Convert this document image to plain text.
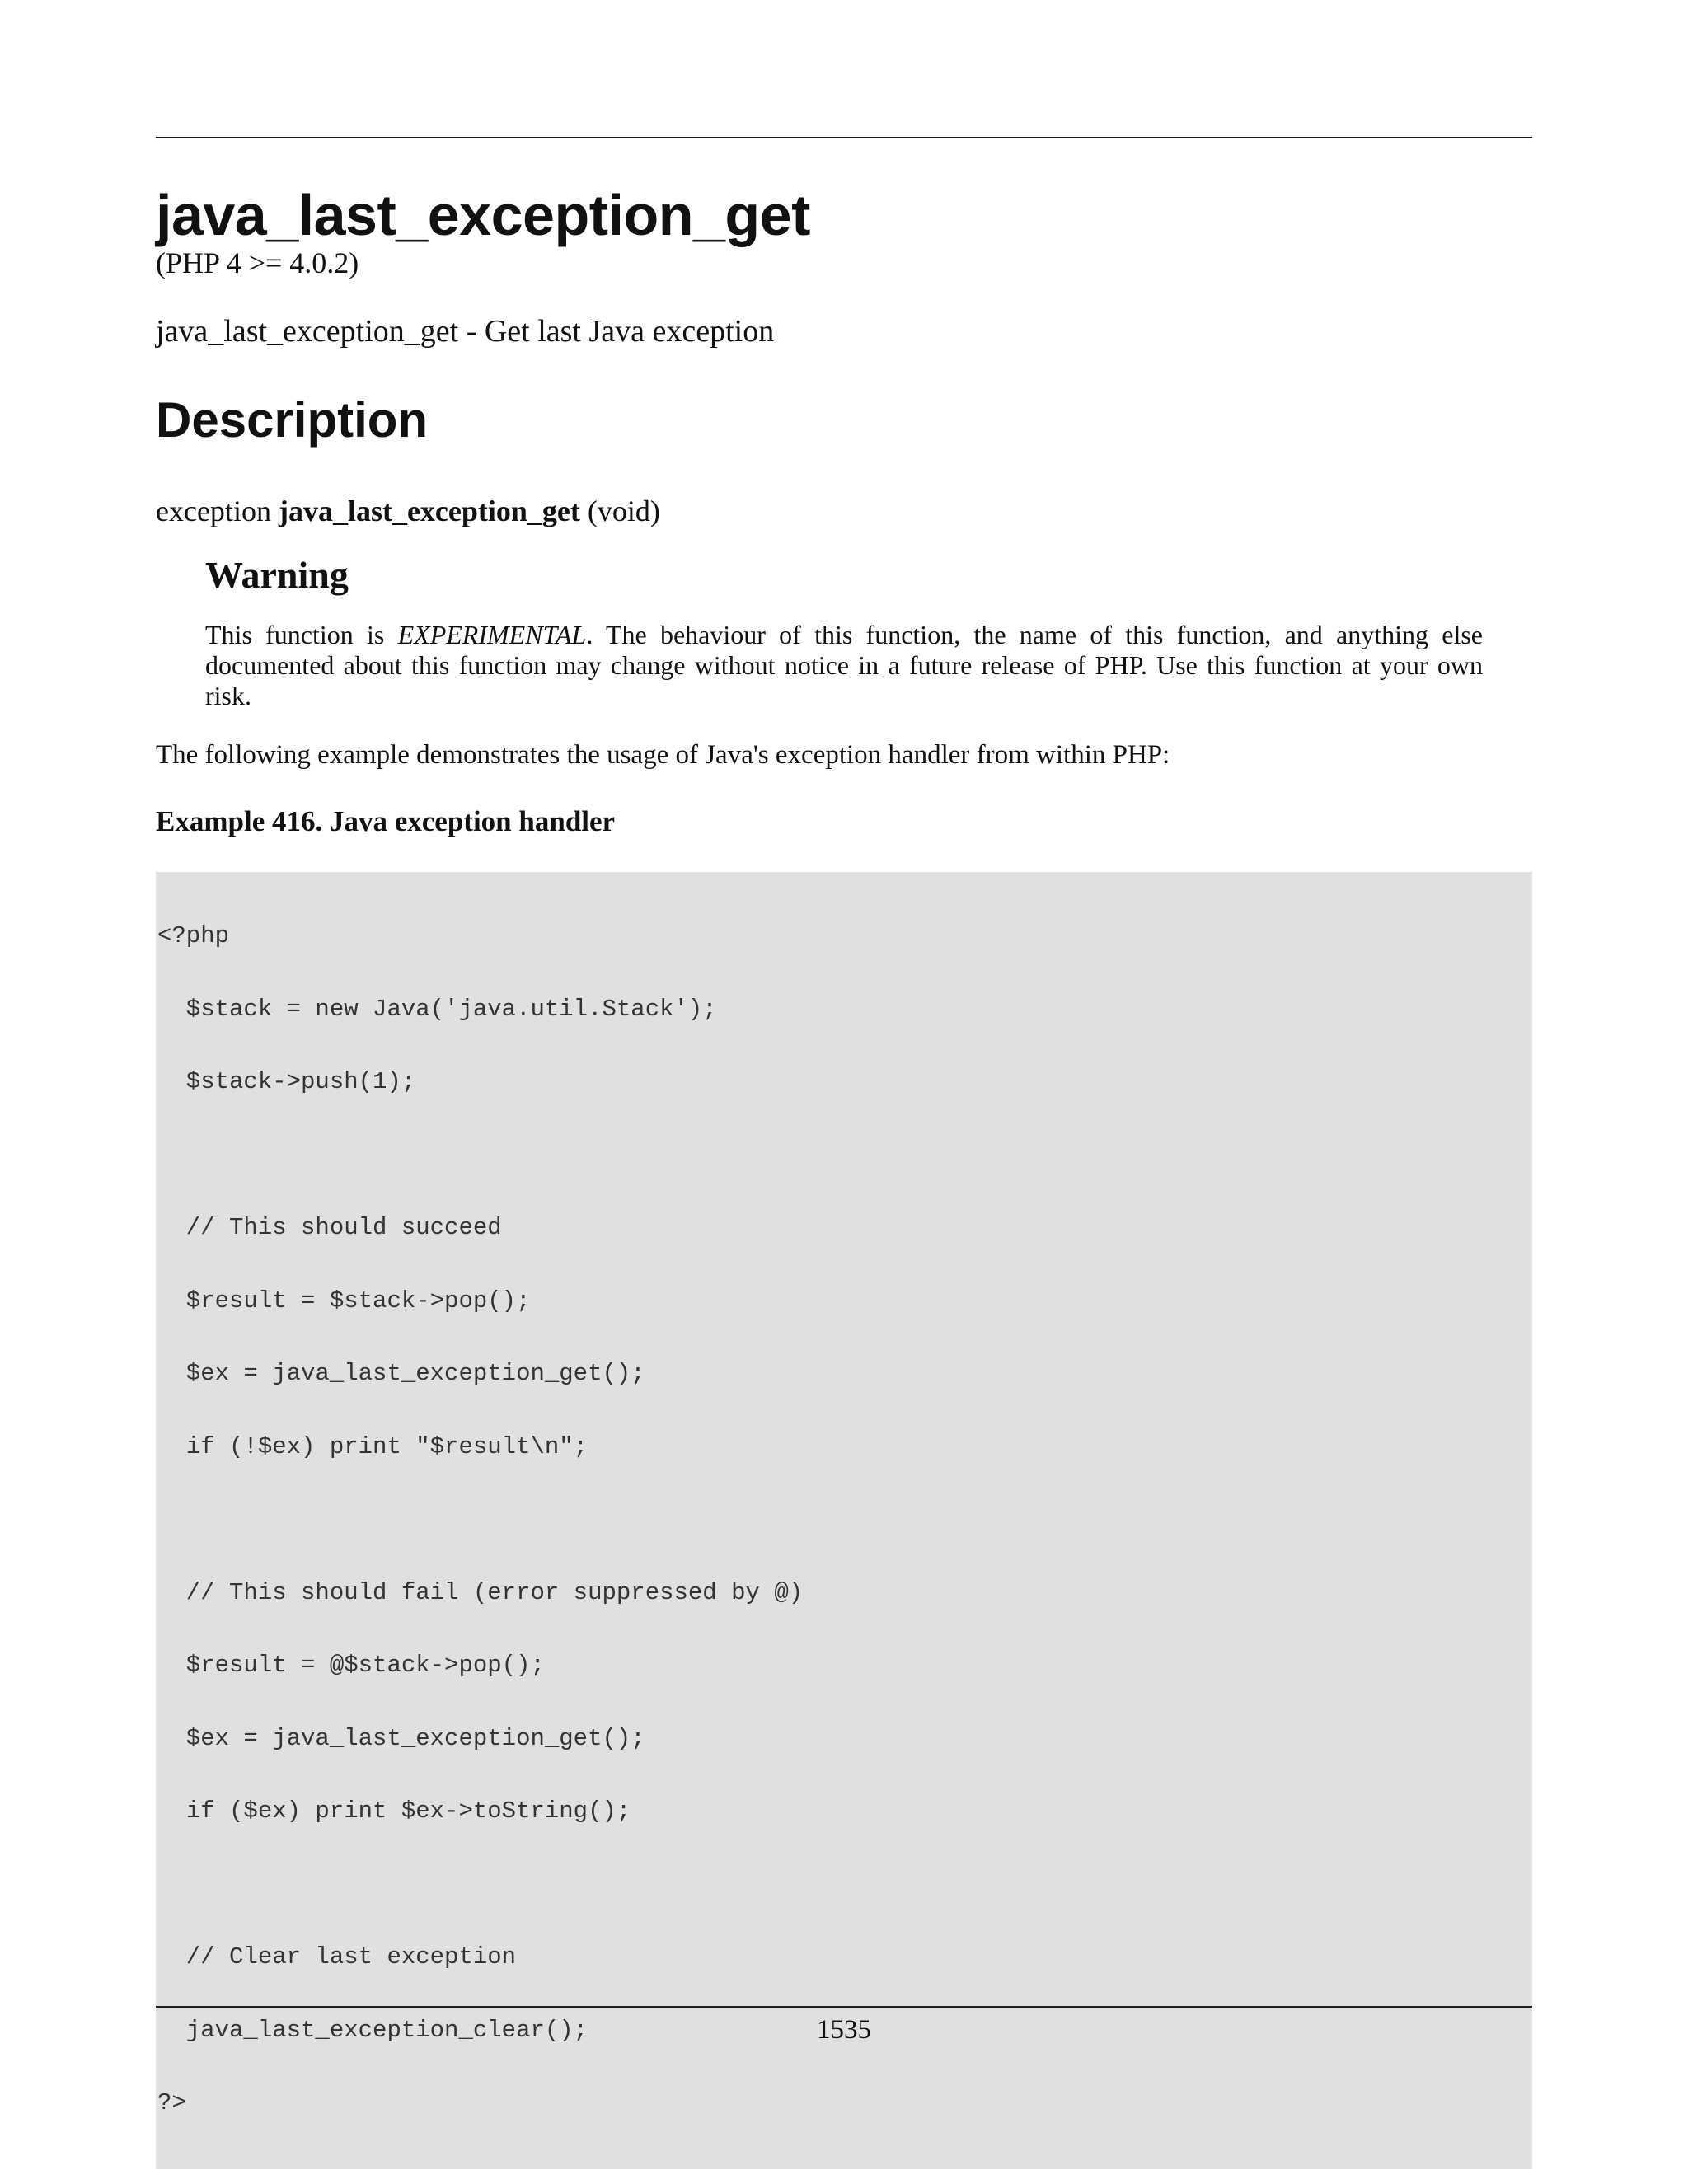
java_last_exception_get

(PHP 4 >= 4.0.2)

java_last_exception_get - Get last Java exception

Description

exception java_last_exception_get (void)

Warning

This function is EXPERIMENTAL. The behaviour of this function, the name of this function, and anything else documented about this function may change without notice in a future release of PHP. Use this function at your own risk.

The following example demonstrates the usage of Java's exception handler from within PHP:

Example 416. Java exception handler

<?php

$stack = new Java('java.util.Stack');

$stack->push(1);

// This should succeed

$result = $stack->pop();

$ex = java_last_exception_get();

if (!$ex) print "$result\n";

// This should fail (error suppressed by @)

$result = @$stack->pop();

$ex = java_last_exception_get();

if ($ex) print $ex->toString();

// Clear last exception

java_last_exception_clear();

?>

1535
